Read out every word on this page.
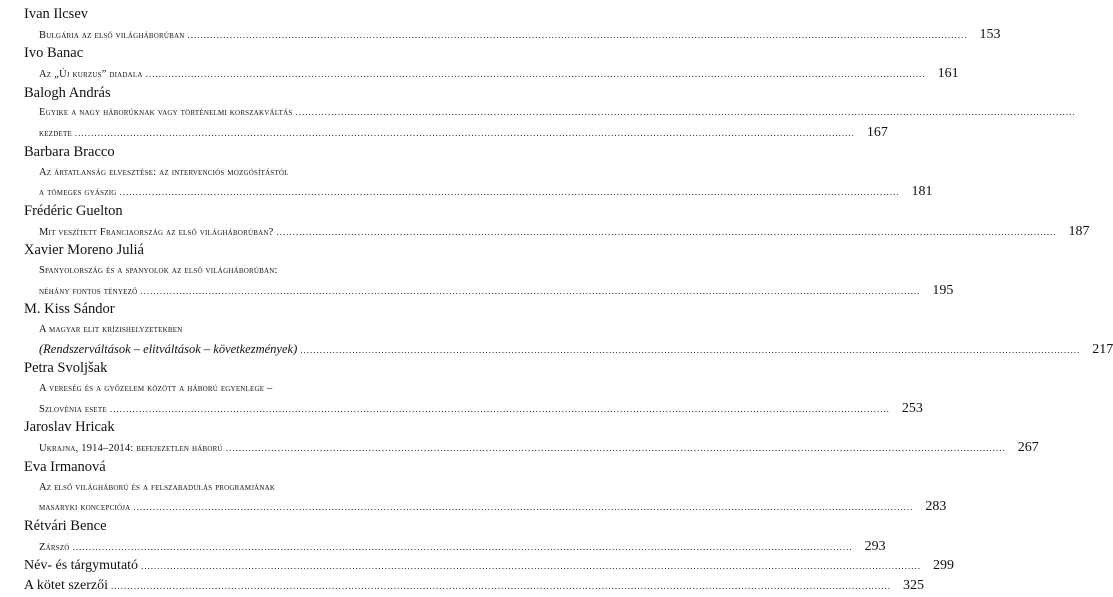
Ivan Ilcsev
Bulgária az első világháborúban .....	153
Ivo Banac
Az „Új kurzus” diadala .....	161
Balogh András
Egyike a nagy háborúknak vagy történelmi korszakváltás
.....
kezdete .....	167
Barbara Bracco
Az ártatlanság elvesztése: az intervenciós mozgósítástól
a tömeges gyászig .....	181
Frédéric Guelton
Mit veszített Franciaország az első világháborúban? .....	187
Xavier Moreno Juliá
Spanyolország és a spanyolok az első világháborúban:
néhány fontos tényező .....	195
M. Kiss Sándor
A magyar elit krízishelyzetekben
(Rendszerváltások – elitváltások – következmények) .....	217
Petra Svoljšak
A vereség és a győzelem között a háború egyenlege –
Szlovénia esete .....	253
Jaroslav Hricak
Ukrajna, 1914–2014: befejezetlen háború .....	267
Eva Irmanová
Az első világháború és a felszabadulás programjának
masaryki koncepciója .....	283
Rétvári Bence
Zárszó .....	293
Név- és tárgymutató .....	299
A kötet szerzői .....	325
